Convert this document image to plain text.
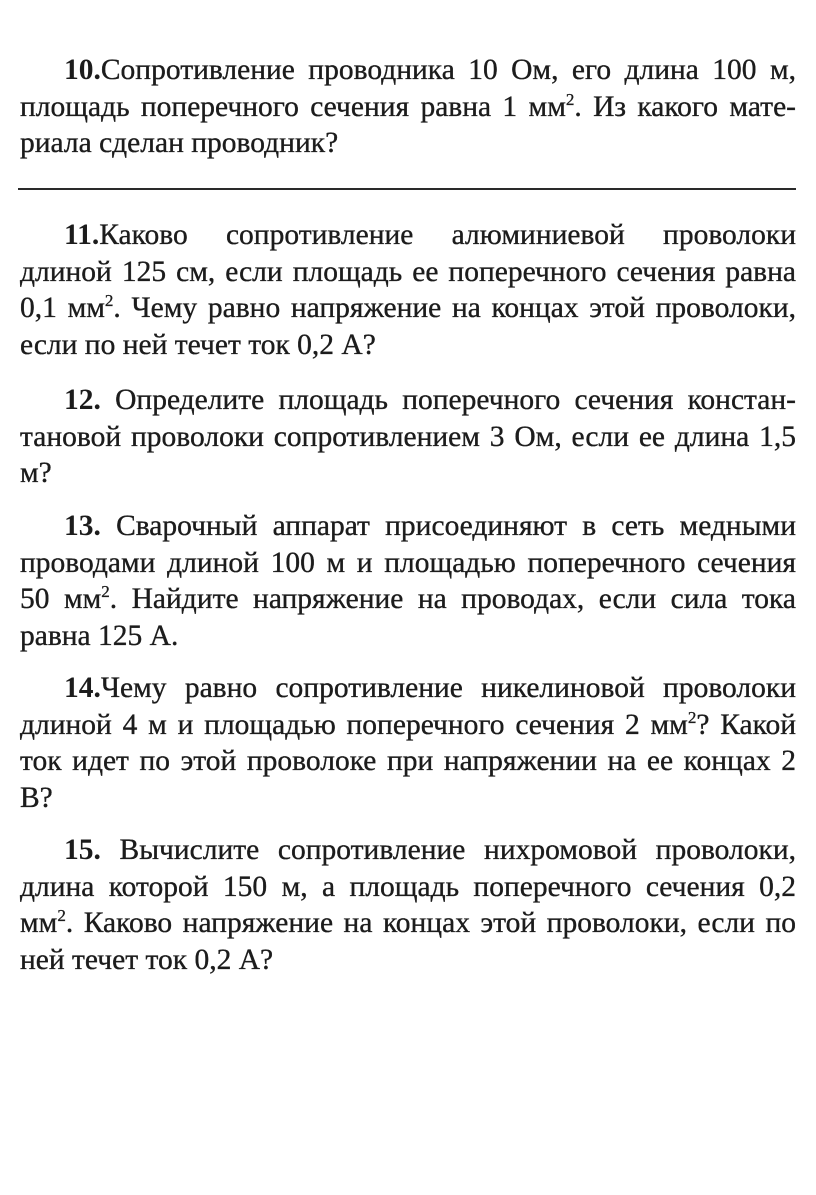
10.Сопротивление проводника 10 Ом, его длина 100 м, площадь поперечного сечения равна 1 $мм^2$. Из какого мате-риала сделан проводник?

11.Каково сопротивление алюминиевой проволоки длиной 125 см, если площадь ее поперечного сечения равна 0,1 $мм^2$. Чему равно напряжение на концах этой проволоки, если по ней течет ток 0,2 А?

12. Определите площадь поперечного сечения констан-тановой проволоки сопротивлением 3 Ом, если ее длина 1,5 м?

13. Сварочный аппарат присоединяют в сеть медными проводами длиной 100 м и площадью поперечного сечения 50 $мм^2$. Найдите напряжение на проводах, если сила тока равна 125 А.

14.Чему равно сопротивление никелиновой проволоки длиной 4 м и площадью поперечного сечения 2 $мм^2$? Какой ток идет по этой проволоке при напряжении на ее концах 2 В?

15. Вычислите сопротивление нихромовой проволоки, длина которой 150 м, а площадь поперечного сечения 0,2 $мм^2$. Каково напряжение на концах этой проволоки, если по ней течет ток 0,2 А?
